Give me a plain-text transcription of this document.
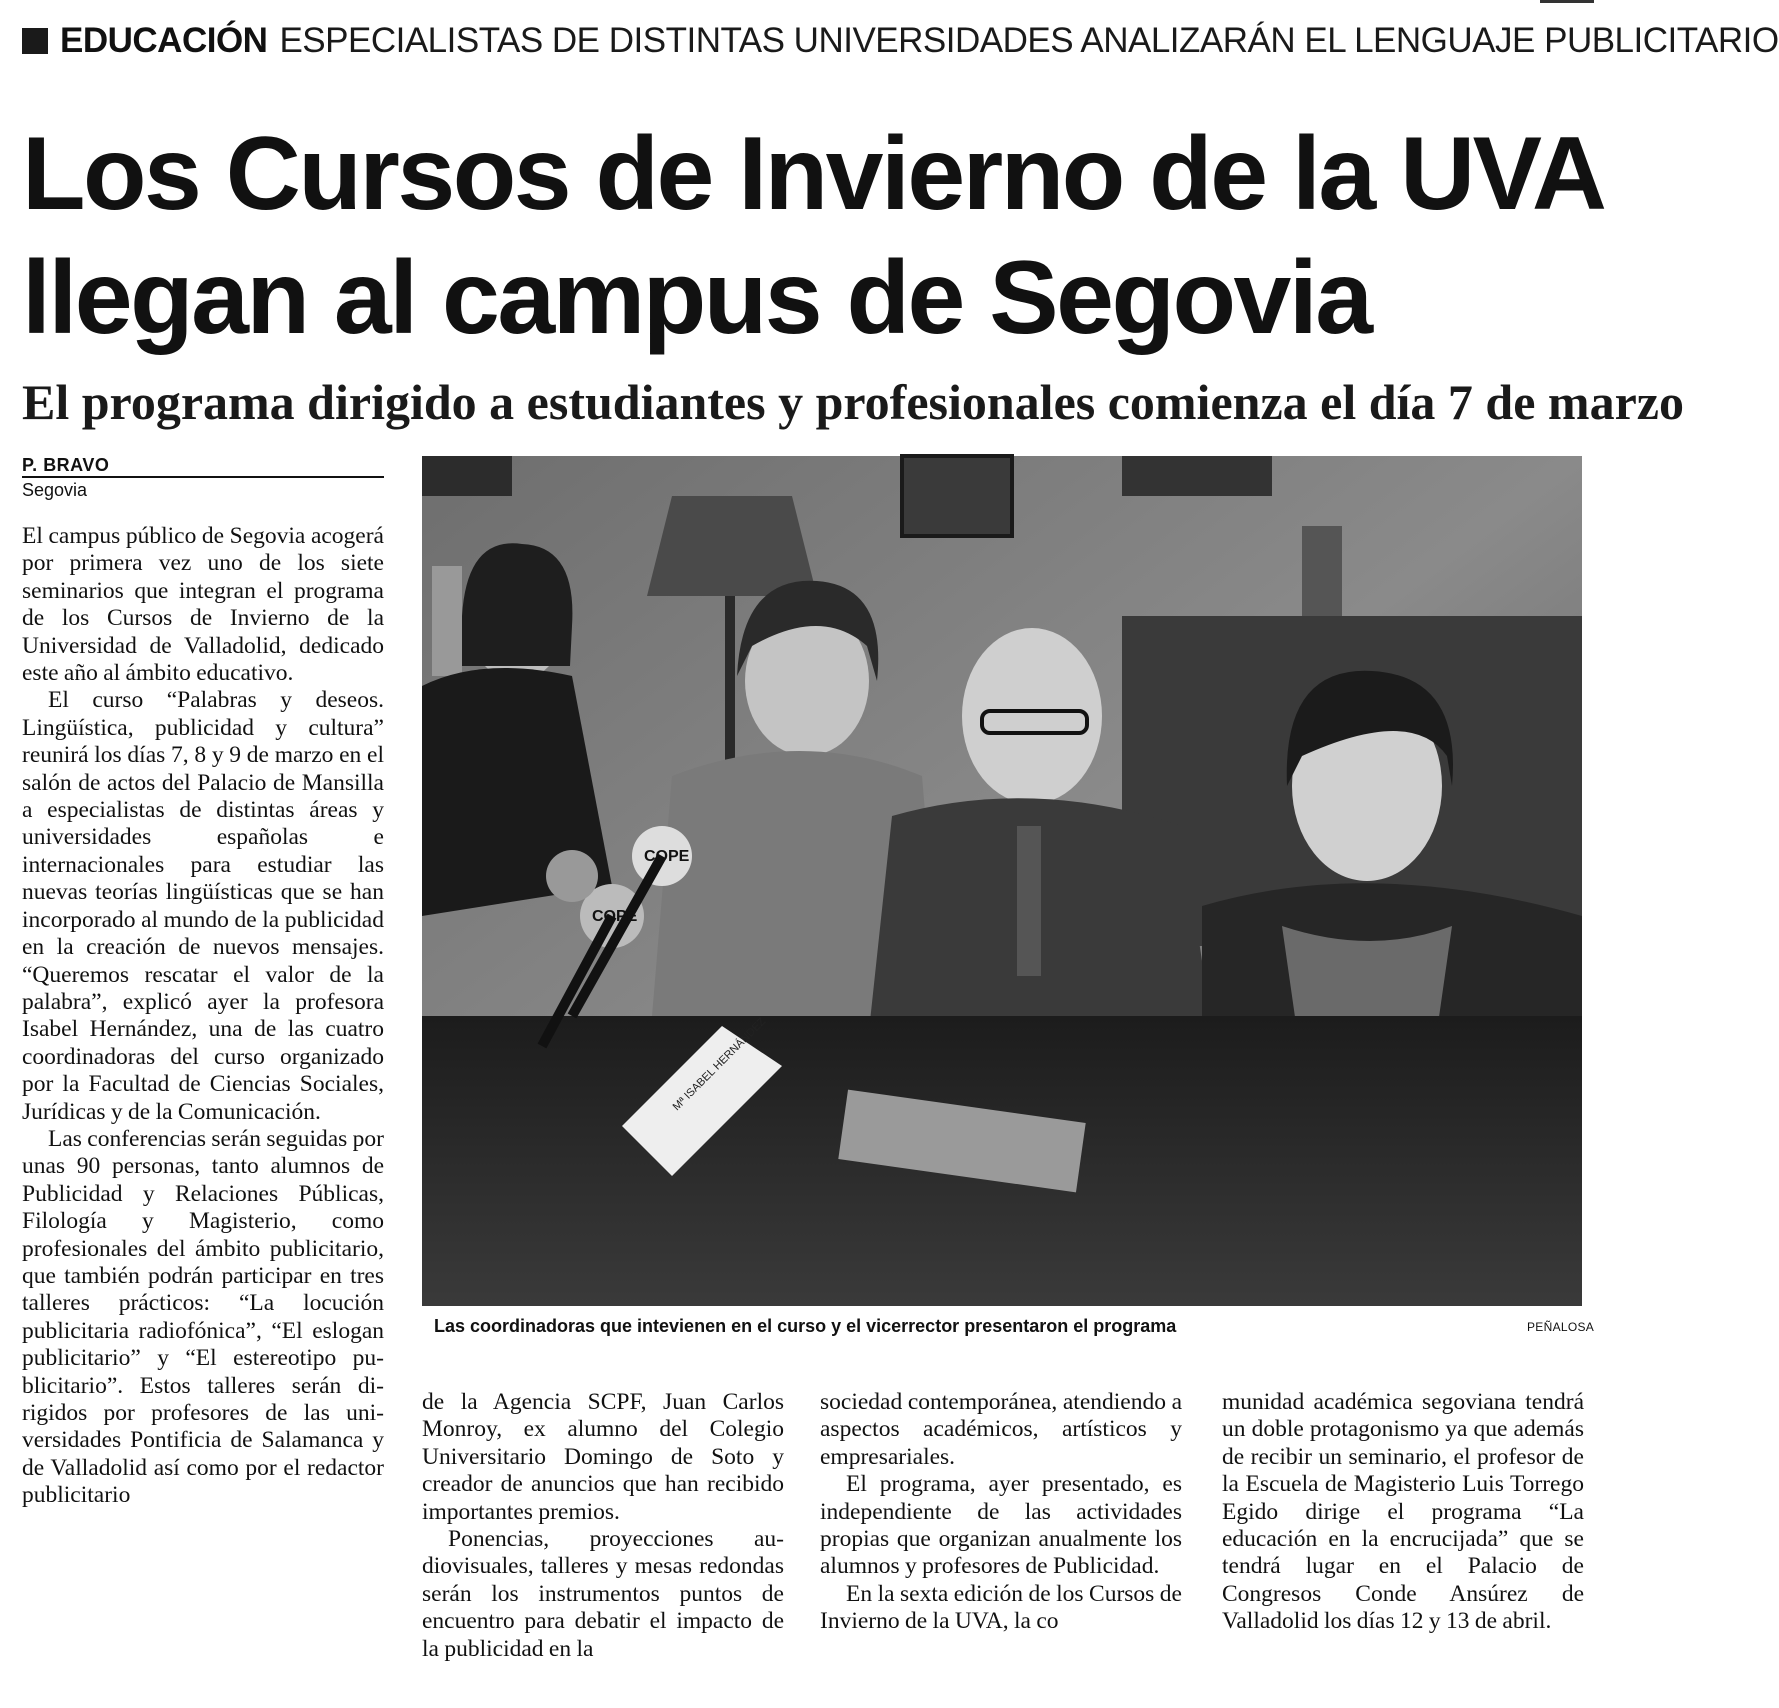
EDUCACIÓN ESPECIALISTAS DE DISTINTAS UNIVERSIDADES ANALIZARÁN EL LENGUAJE PUBLICITARIO
Los Cursos de Invierno de la UVA
llegan al campus de Segovia
El programa dirigido a estudiantes y profesionales comienza el día 7 de marzo
P. BRAVO
Segovia

El campus público de Segovia acogerá por primera vez uno de los siete seminarios que integran el programa de los Cursos de Invierno de la Universidad de Valladolid, dedicado este año al ámbito educativo.

El curso “Palabras y deseos. Lingüística, publicidad y cultura” reunirá los días 7, 8 y 9 de marzo en el salón de actos del Palacio de Mansilla a especialistas de distintas áreas y universidades españolas e internacionales para estudiar las nuevas teorías lingüísticas que se han incorporado al mundo de la publicidad en la creación de nuevos mensajes. “Queremos rescatar el valor de la palabra”, explicó ayer la profesora Isabel Hernández, una de las cuatro coordinadoras del curso organizado por la Facultad de Ciencias Sociales, Jurídicas y de la Comunicación.

Las conferencias serán seguidas por unas 90 personas, tanto alumnos de Publicidad y Relaciones Públicas, Filología y Magisterio, como profesionales del ámbito publicitario, que también podrán participar en tres talleres prácticos: “La locución publicitaria radiofónica”, “El eslogan publicitario” y “El estereotipo publicitario”. Estos talleres serán dirigidos por profesores de las universidades Pontificia de Salamanca y de Valladolid así como por el redactor publicitario

COPE
COPE
Mª ISABEL HERNÁNDEZ
Las coordinadoras que intevienen en el curso y el vicerrector presentaron el programa	PEÑALOSA

de la Agencia SCPF, Juan Carlos Monroy, ex alumno del Colegio Universitario Domingo de Soto y creador de anuncios que han recibido importantes premios.

Ponencias, proyecciones audiovisuales, talleres y mesas redondas serán los instrumentos puntos de encuentro para debatir el impacto de la publicidad en la

sociedad contemporánea, atendiendo a aspectos académicos, artísticos y empresariales.

El programa, ayer presentado, es independiente de las actividades propias que organizan anualmente los alumnos y profesores de Publicidad.

En la sexta edición de los Cursos de Invierno de la UVA, la co

munidad académica segoviana tendrá un doble protagonismo ya que además de recibir un seminario, el profesor de la Escuela de Magisterio Luis Torrego Egido dirige el programa “La educación en la encrucijada” que se tendrá lugar en el Palacio de Congresos Conde Ansúrez de Valladolid los días 12 y 13 de abril.
